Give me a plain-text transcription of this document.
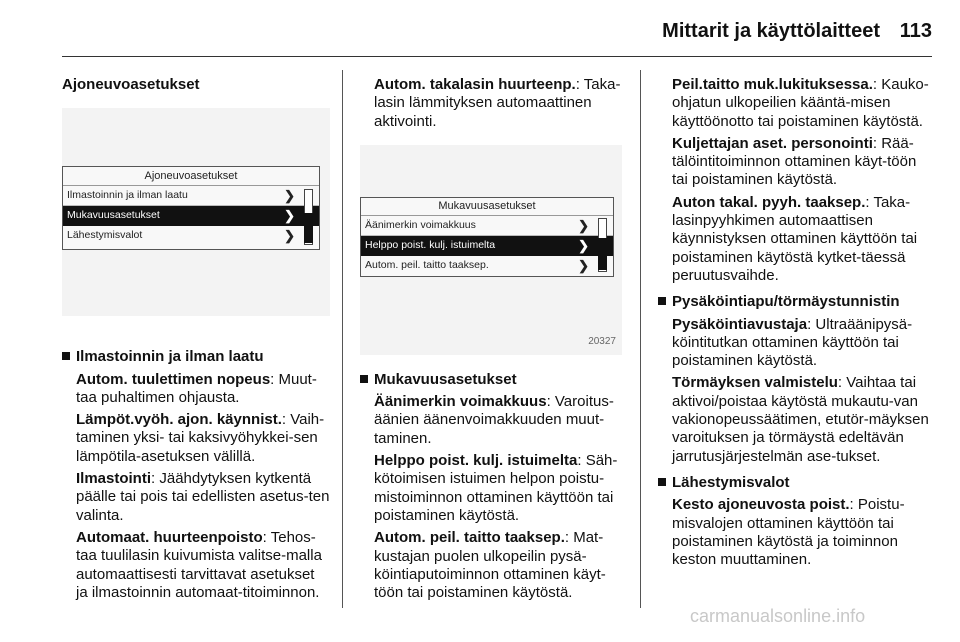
Mittarit ja käyttölaitteet 113
Ajoneuvoasetukset
Ajoneuvoasetukset
Ilmastoinnin ja ilman laatu	❯
Mukavuusasetukset	❯
Lähestymisvalot	❯
Ilmastoinnin ja ilman laatu
Autom. tuulettimen nopeus: Muut-taa puhaltimen ohjausta.
Lämpöt.vyöh. ajon. käynnist.: Vaih-taminen yksi- tai kaksivyöhykkei-sen lämpötila-asetuksen välillä.
Ilmastointi: Jäähdytyksen kytkentä päälle tai pois tai edellisten asetus-ten valinta.
Automaat. huurteenpoisto: Tehos-taa tuulilasin kuivumista valitse-malla automaattisesti tarvittavat asetukset ja ilmastoinnin automaat-titoiminnon.
Autom. takalasin huurteenp.: Taka-lasin lämmityksen automaattinen aktivointi.
Mukavuusasetukset
Äänimerkin voimakkuus	❯
Helppo poist. kulj. istuimelta	❯
Autom. peil. taitto taaksep.	❯
20327
Mukavuusasetukset
Äänimerkin voimakkuus: Varoitus-äänien äänenvoimakkuuden muut-taminen.
Helppo poist. kulj. istuimelta: Säh-kötoimisen istuimen helpon poistu-mistoiminnon ottaminen käyttöön tai poistaminen käytöstä.
Autom. peil. taitto taaksep.: Mat-kustajan puolen ulkopeilin pysä-köintiaputoiminnon ottaminen käyt-töön tai poistaminen käytöstä.
Peil.taitto muk.lukituksessa.: Kauko-ohjatun ulkopeilien kääntä-misen käyttöönotto tai poistaminen käytöstä.
Kuljettajan aset. personointi: Rää-tälöintitoiminnon ottaminen käyt-töön tai poistaminen käytöstä.
Auton takal. pyyh. taaksep.: Taka-lasinpyyhkimen automaattisen käynnistyksen ottaminen käyttöön tai poistaminen käytöstä kytket-täessä peruutusvaihde.
Pysäköintiapu/törmäystunnistin
Pysäköintiavustaja: Ultraäänipysä-köintitutkan ottaminen käyttöön tai poistaminen käytöstä.
Törmäyksen valmistelu: Vaihtaa tai aktivoi/poistaa käytöstä mukautu-van vakionopeussäätimen, etutör-mäyksen varoituksen ja törmäystä edeltävän jarrutusjärjestelmän ase-tukset.
Lähestymisvalot
Kesto ajoneuvosta poist.: Poistu-misvalojen ottaminen käyttöön tai poistaminen käytöstä ja toiminnon keston muuttaminen.
carmanualsonline.info
